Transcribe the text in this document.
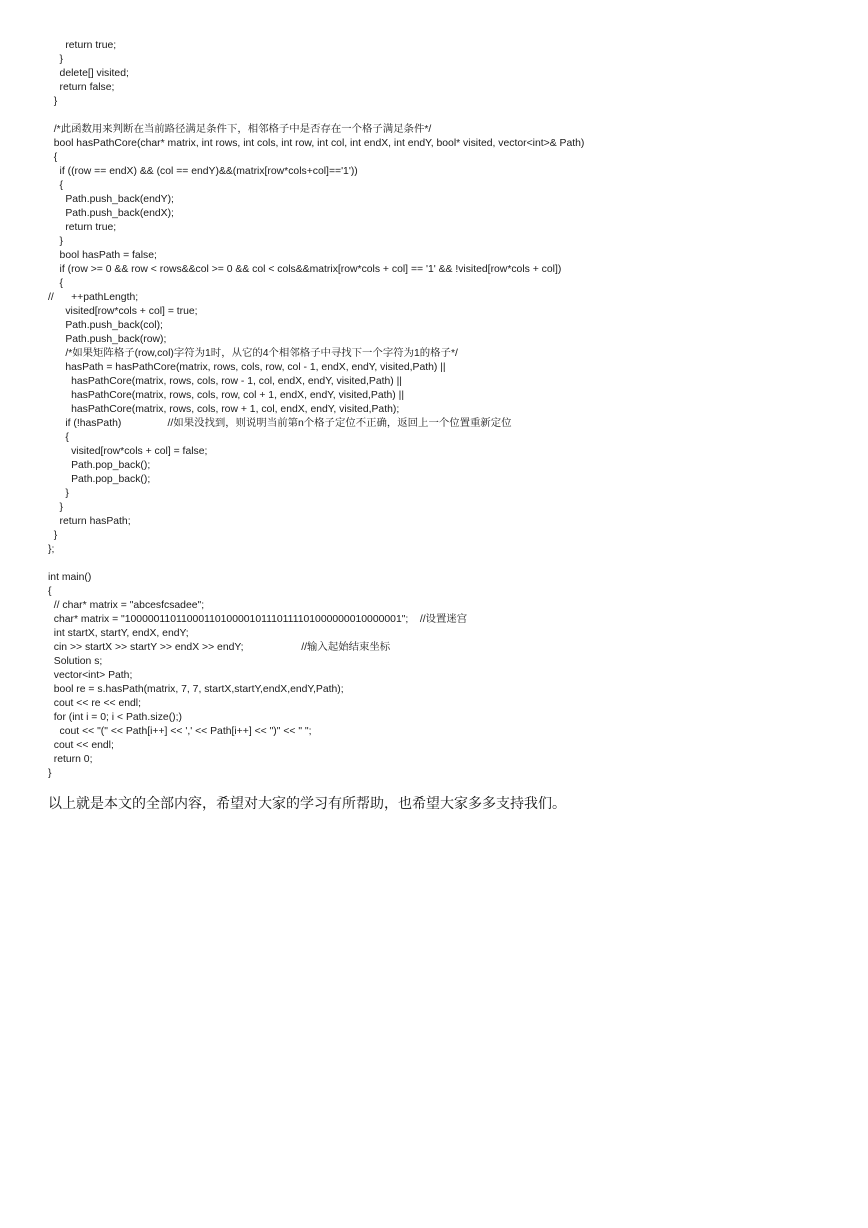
return true;
}
delete[] visited;
return false;
}
/*此函数用来判断在当前路径满足条件下，相邻格子中是否存在一个格子满足条件*/
bool hasPathCore(char* matrix, int rows, int cols, int row, int col, int endX, int endY, bool* visited, vector<int>& Path)
{
if ((row == endX) && (col == endY)&&(matrix[row*cols+col]=='1'))
{
Path.push_back(endY);
Path.push_back(endX);
return true;
}
bool hasPath = false;
if (row >= 0 && row < rows&&col >= 0 && col < cols&&matrix[row*cols + col] == '1' && !visited[row*cols + col])
{
//      ++pathLength;
visited[row*cols + col] = true;
Path.push_back(col);
Path.push_back(row);
/*如果矩阵格子(row,col)字符为1时，从它的4个相邻格子中寻找下一个字符为1的格子*/
hasPath = hasPathCore(matrix, rows, cols, row, col - 1, endX, endY, visited,Path) ||
hasPathCore(matrix, rows, cols, row - 1, col, endX, endY, visited,Path) ||
hasPathCore(matrix, rows, cols, row, col + 1, endX, endY, visited,Path) ||
hasPathCore(matrix, rows, cols, row + 1, col, endX, endY, visited,Path);
if (!hasPath)                //如果没找到，则说明当前第n个格子定位不正确，返回上一个位置重新定位
{
visited[row*cols + col] = false;
Path.pop_back();
Path.pop_back();
}
}
return hasPath;
}
};
int main()
{
// char* matrix = "abcesfcsadee";
char* matrix = "1000001101100011010000101110111101000000010000001";    //设置迷宫
int startX, startY, endX, endY;
cin >> startX >> startY >> endX >> endY;                    //输入起始结束坐标
Solution s;
vector<int> Path;
bool re = s.hasPath(matrix, 7, 7, startX,startY,endX,endY,Path);
cout << re << endl;
for (int i = 0; i < Path.size();)
cout << "(" << Path[i++] << ',' << Path[i++] << ")" << " ";
cout << endl;
return 0;
}

以上就是本文的全部内容，希望对大家的学习有所帮助，也希望大家多多支持我们。
